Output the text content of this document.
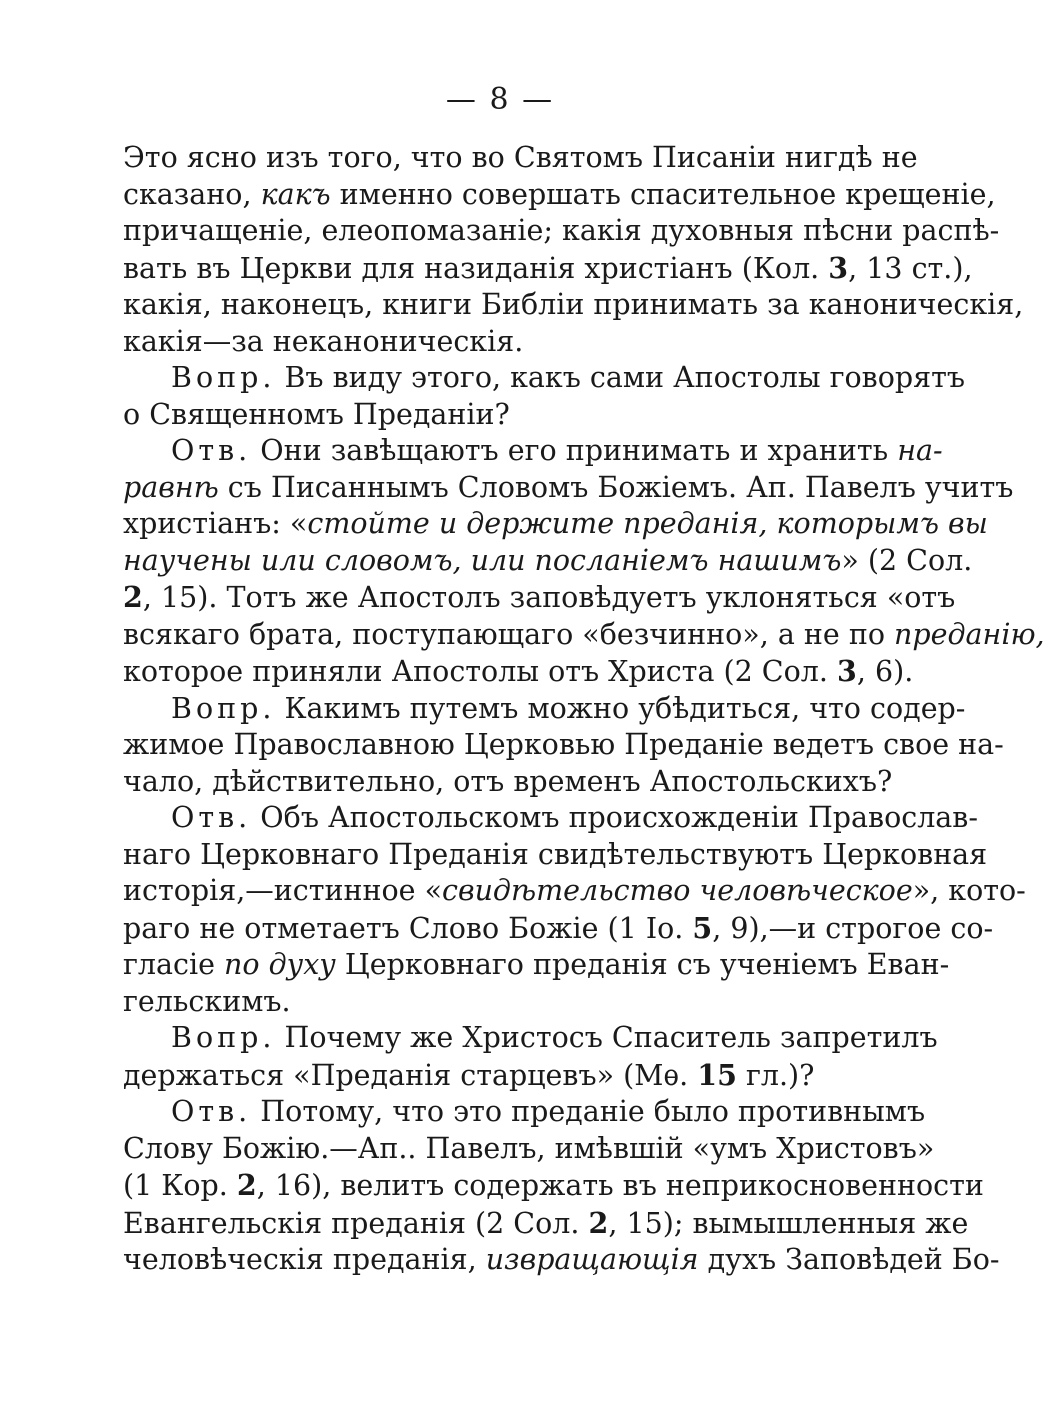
— 8 —
Это ясно изъ того, что во Святомъ Писаніи нигдѣ не
сказано, какъ именно совершать спасительное крещеніе,
причащеніе, елеопомазаніе; какія духовныя пѣсни распѣ-
вать въ Церкви для назиданія христіанъ (Кол. 3, 13 ст.),
какія, наконецъ, книги Библіи принимать за каноническія,
какія—за неканоническія.
Вопр. Въ виду этого, какъ сами Апостолы говорятъ
о Священномъ Преданіи?
Отв. Они завѣщаютъ его принимать и хранить на-
равнѣ съ Писаннымъ Словомъ Божіемъ. Ап. Павелъ учитъ
христіанъ: «стойте и держите преданія, которымъ вы
научены или словомъ, или посланіемъ нашимъ» (2 Сол.
2, 15). Тотъ же Апостолъ заповѣдуетъ уклоняться «отъ
всякаго брата, поступающаго «безчинно», а не по преданію,
которое приняли Апостолы отъ Христа (2 Сол. 3, 6).
Вопр. Какимъ путемъ можно убѣдиться, что содер-
жимое Православною Церковью Преданіе ведетъ свое на-
чало, дѣйствительно, отъ временъ Апостольскихъ?
Отв. Объ Апостольскомъ происхожденіи Православ-
наго Церковнаго Преданія свидѣтельствуютъ Церковная
исторія,—истинное «свидѣтельство человѣческое», кото-
раго не отметаетъ Слово Божіе (1 Іо. 5, 9),—и строгое со-
гласіе по духу Церковнаго преданія съ ученіемъ Еван-
гельскимъ.
Вопр. Почему же Христосъ Спаситель запретилъ
держаться «Преданія старцевъ» (Мѳ. 15 гл.)?
Отв. Потому, что это преданіе было противнымъ
Слову Божію.—Ап.. Павелъ, имѣвшій «умъ Христовъ»
(1 Кор. 2, 16), велитъ содержать въ неприкосновенности
Евангельскія преданія (2 Сол. 2, 15); вымышленныя же
человѣческія преданія, извращающія духъ Заповѣдей Бо-
